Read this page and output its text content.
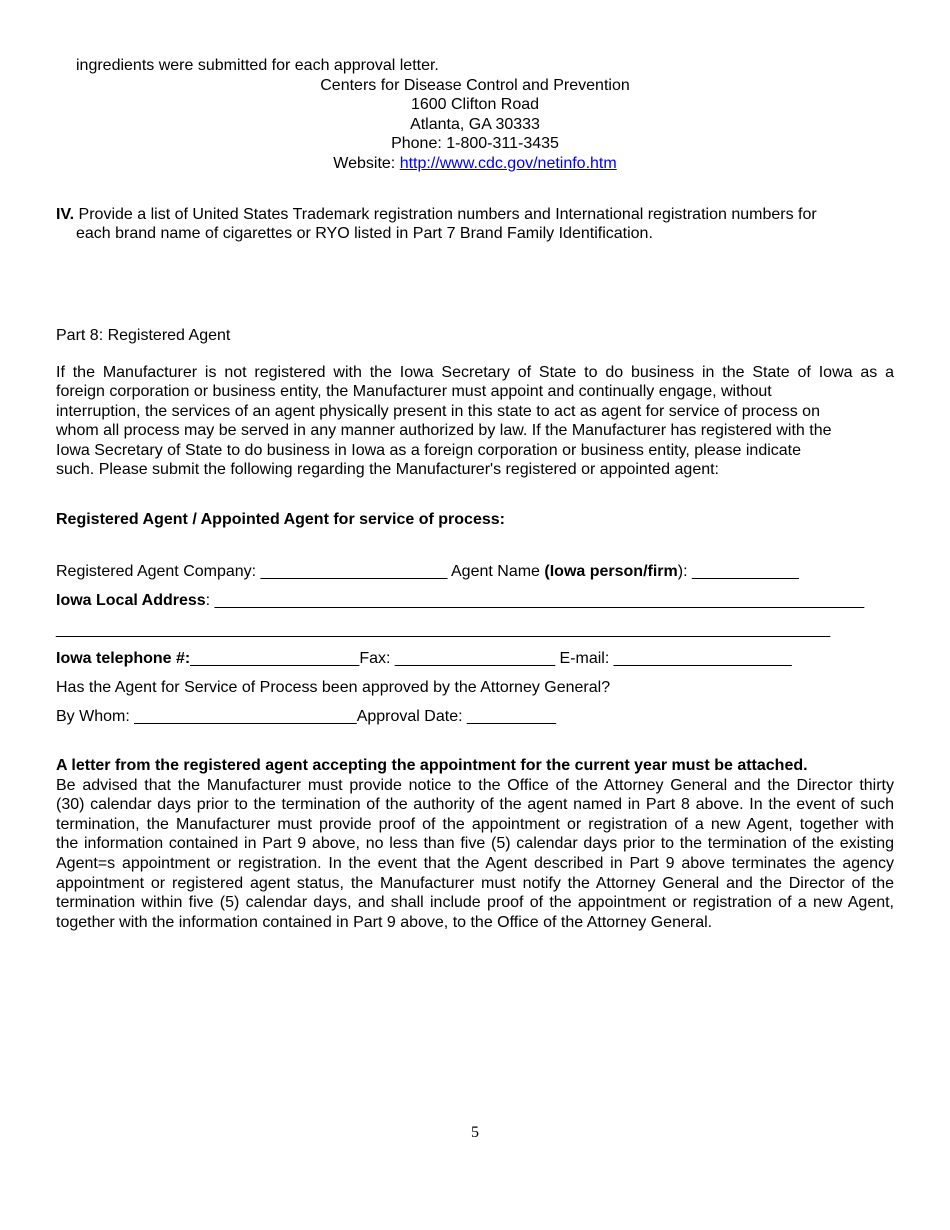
ingredients were submitted for each approval letter.
Centers for Disease Control and Prevention
1600 Clifton Road
Atlanta, GA 30333
Phone: 1-800-311-3435
Website: http://www.cdc.gov/netinfo.htm
IV. Provide a list of United States Trademark registration numbers and International registration numbers for
each brand name of cigarettes or RYO listed in Part 7 Brand Family Identification.
Part 8: Registered Agent
If the Manufacturer is not registered with the Iowa Secretary of State to do business in the State of Iowa as a
foreign corporation or business entity, the Manufacturer must appoint and continually engage, without
interruption, the services of an agent physically present in this state to act as agent for service of process on
whom all process may be served in any manner authorized by law. If the Manufacturer has registered with the
Iowa Secretary of State to do business in Iowa as a foreign corporation or business entity, please indicate
such. Please submit the following regarding the Manufacturer's registered or appointed agent:
Registered Agent / Appointed Agent for service of process:
Registered Agent Company: _____________________ Agent Name (Iowa person/firm): ____________
Iowa Local Address: _________________________________________________________________________
_______________________________________________________________________________________
Iowa telephone #:___________________Fax: __________________ E-mail: ____________________
Has the Agent for Service of Process been approved by the Attorney General?
By Whom: _________________________Approval Date: __________
A letter from the registered agent accepting the appointment for the current year must be attached.
Be advised that the Manufacturer must provide notice to the Office of the Attorney General and the Director thirty
(30) calendar days prior to the termination of the authority of the agent named in Part 8 above. In the event of such
termination, the Manufacturer must provide proof of the appointment or registration of a new Agent, together with
the information contained in Part 9 above, no less than five (5) calendar days prior to the termination of the existing
Agent=s appointment or registration. In the event that the Agent described in Part 9 above terminates the agency
appointment or registered agent status, the Manufacturer must notify the Attorney General and the Director of the
termination within five (5) calendar days, and shall include proof of the appointment or registration of a new Agent,
together with the information contained in Part 9 above, to the Office of the Attorney General.
5
